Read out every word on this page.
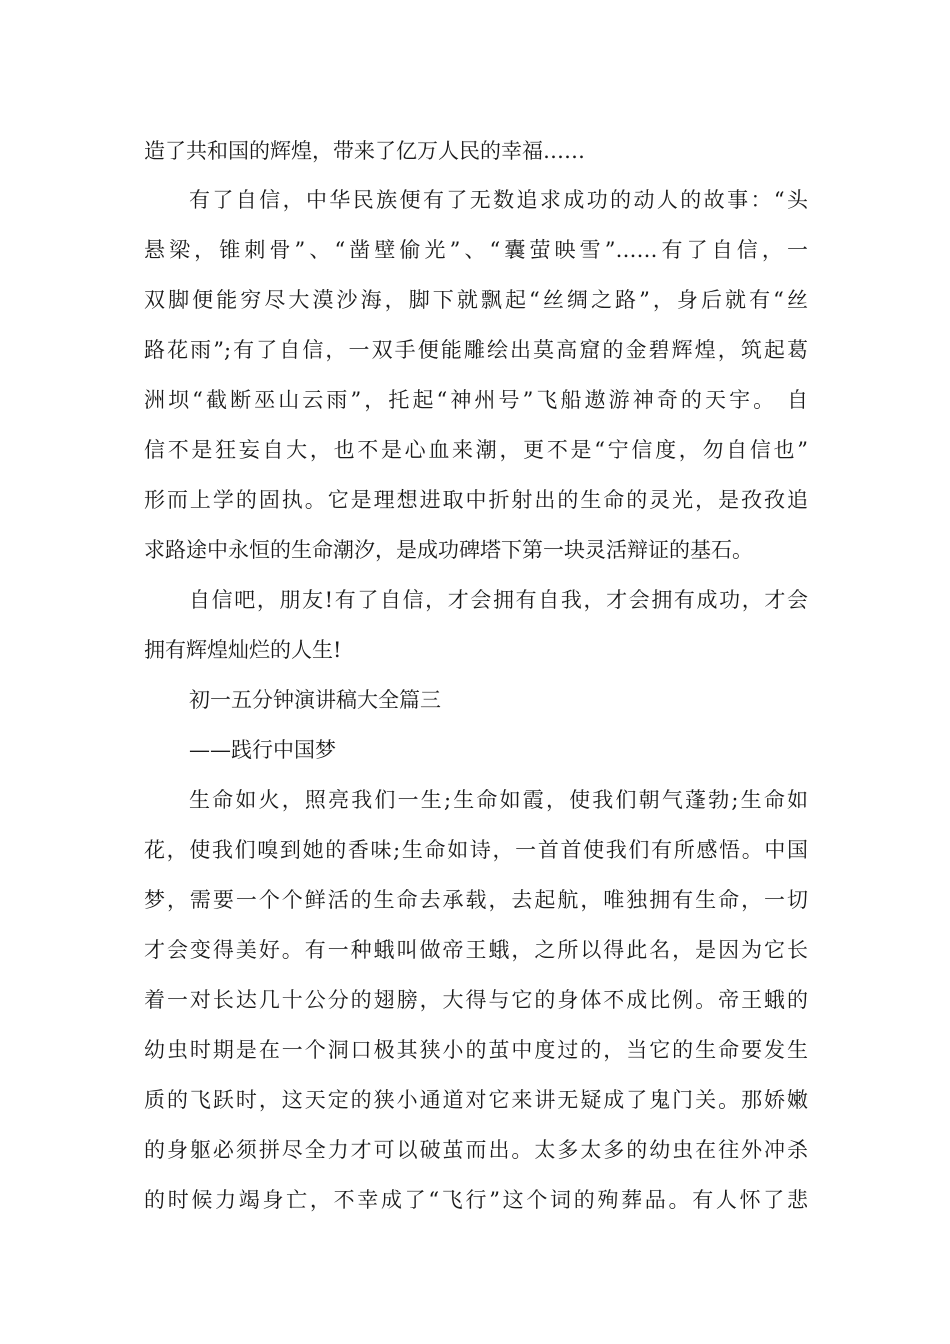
造了共和国的辉煌，带来了亿万人民的幸福……

有了自信，中华民族便有了无数追求成功的动人的故事：“头

悬梁，锥刺骨”、“凿壁偷光”、“囊萤映雪”……有了自信，一

双脚便能穷尽大漠沙海，脚下就飘起“丝绸之路”，身后就有“丝

路花雨”;有了自信，一双手便能雕绘出莫高窟的金碧辉煌，筑起葛

洲坝“截断巫山云雨”，托起“神州号”飞船遨游神奇的天宇。 自

信不是狂妄自大，也不是心血来潮，更不是“宁信度，勿自信也”

形而上学的固执。它是理想进取中折射出的生命的灵光，是孜孜追

求路途中永恒的生命潮汐，是成功碑塔下第一块灵活辩证的基石。

自信吧，朋友!有了自信，才会拥有自我，才会拥有成功，才会

拥有辉煌灿烂的人生!

初一五分钟演讲稿大全篇三

——践行中国梦

生命如火，照亮我们一生;生命如霞，使我们朝气蓬勃;生命如

花，使我们嗅到她的香味;生命如诗，一首首使我们有所感悟。中国

梦，需要一个个鲜活的生命去承载，去起航，唯独拥有生命，一切

才会变得美好。有一种蛾叫做帝王蛾，之所以得此名，是因为它长

着一对长达几十公分的翅膀，大得与它的身体不成比例。帝王蛾的

幼虫时期是在一个洞口极其狭小的茧中度过的，当它的生命要发生

质的飞跃时，这天定的狭小通道对它来讲无疑成了鬼门关。那娇嫩

的身躯必须拼尽全力才可以破茧而出。太多太多的幼虫在往外冲杀

的时候力竭身亡，不幸成了“飞行”这个词的殉葬品。有人怀了悲
